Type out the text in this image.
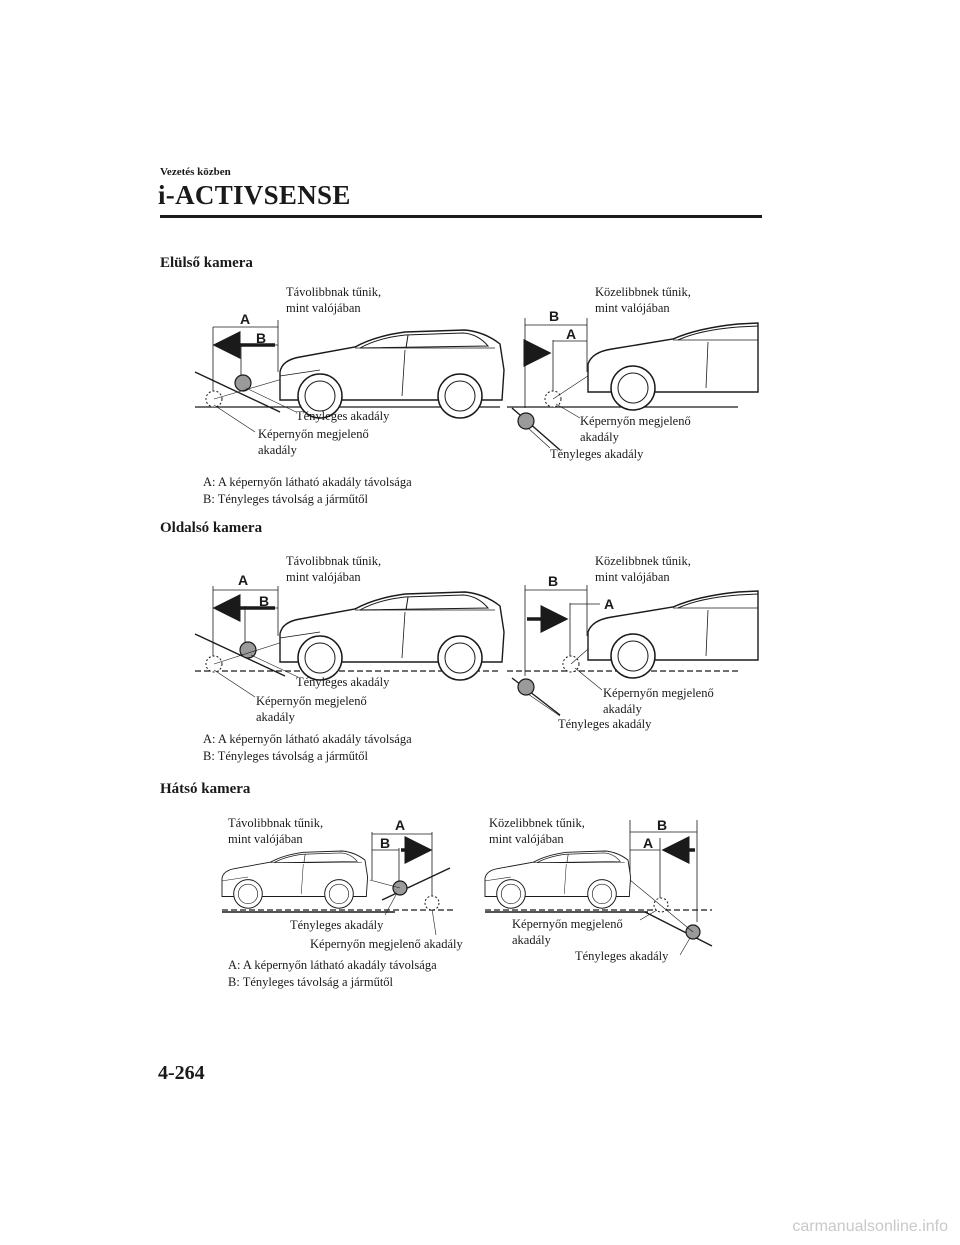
Vezetés közben
i-ACTIVSENSE
Elülső kamera
Oldalsó kamera
Hátsó kamera
A
B
B
A
A
B
B
A
A
B
B
A
Távolibbnak tűnik,
mint valójában
Tényleges akadály
Képernyőn megjelenő
akadály
Közelibbnek tűnik,
mint valójában
Képernyőn megjelenő
akadály
Tényleges akadály
A: A képernyőn látható akadály távolsága
B: Tényleges távolság a járműtől
Távolibbnak tűnik,
mint valójában
Tényleges akadály
Képernyőn megjelenő
akadály
Közelibbnek tűnik,
mint valójában
Képernyőn megjelenő
akadály
Tényleges akadály
A: A képernyőn látható akadály távolsága
B: Tényleges távolság a járműtől
Távolibbnak tűnik,
mint valójában
Tényleges akadály
Képernyőn megjelenő akadály
Közelibbnek tűnik,
mint valójában
Képernyőn megjelenő
akadály
Tényleges akadály
A: A képernyőn látható akadály távolsága
B: Tényleges távolság a járműtől
4-264
carmanualsonline.info
